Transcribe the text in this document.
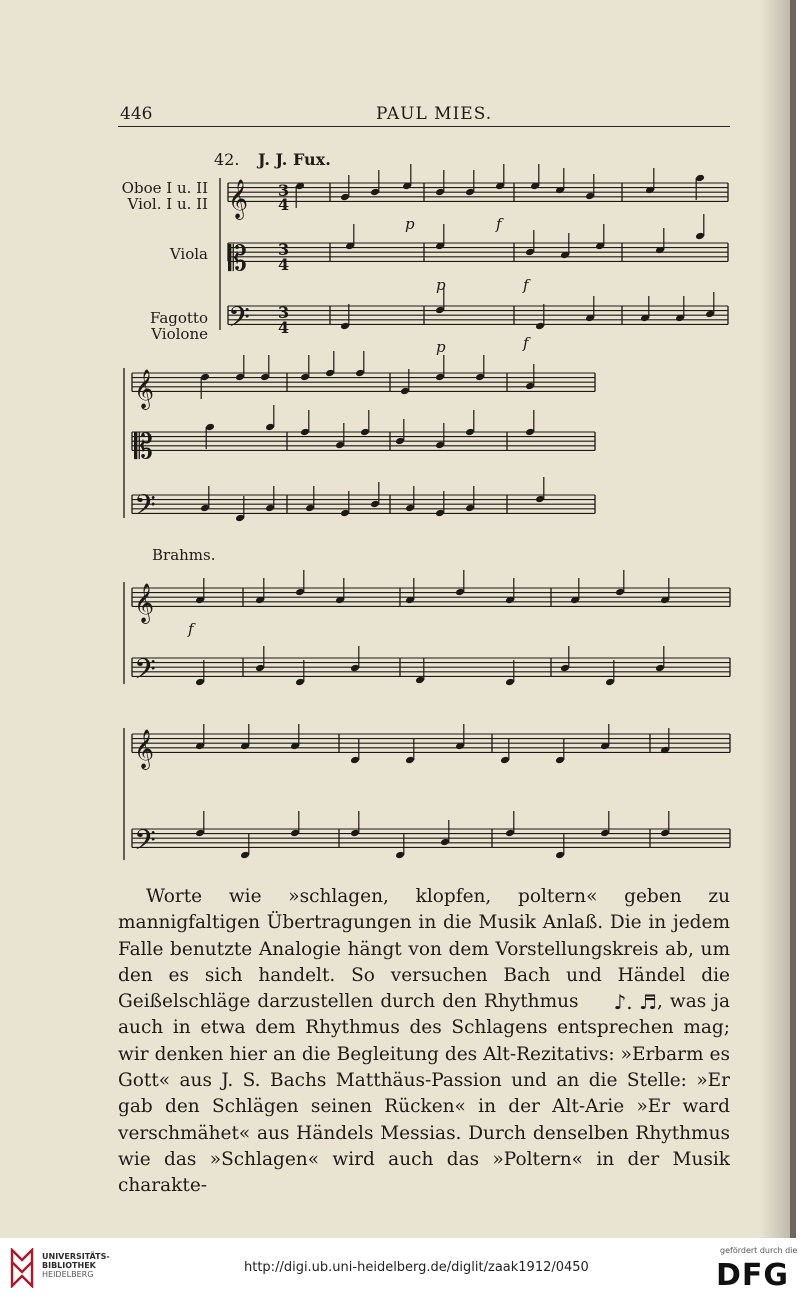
446	PAUL MIES.
42. J. J. Fux.
Oboe I u. II
Viol. I u. II
Viola
Fagotto
Violone
Brahms.
𝄞
𝄡
𝄢
𝄞
𝄡
𝄢
𝄞
𝄢
𝄞
𝄢
3
4
3
4
3
4
p	f
p	f
p	f
f

Worte wie »schlagen, klopfen, poltern« geben zu mannigfaltigen Übertragungen in die Musik Anlaß. Die in jedem Falle benutzte Analogie hängt von dem Vorstellungskreis ab, um den es sich handelt. So versuchen Bach und Händel die Geißelschläge darzustellen durch den Rhythmus ♪. ♬, was ja auch in etwa dem Rhythmus des Schlagens entsprechen mag; wir denken hier an die Begleitung des Alt-Rezitativs: »Erbarm es Gott« aus J. S. Bachs Matthäus-Passion und an die Stelle: »Er gab den Schlägen seinen Rücken« in der Alt-Arie »Er ward verschmähet« aus Händels Messias. Durch denselben Rhythmus wie das »Schlagen« wird auch das »Poltern« in der Musik charakte-

UNIVERSITÄTS-
BIBLIOTHEK
HEIDELBERG	http://digi.ub.uni-heidelberg.de/diglit/zaak1912/0450
gefördert durch die
DFG
